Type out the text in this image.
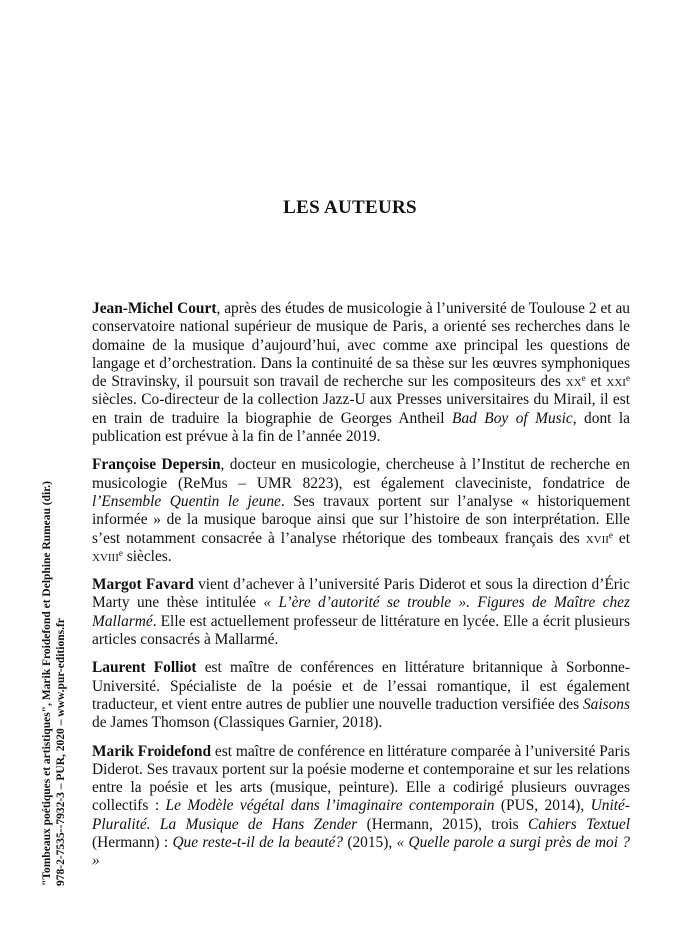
"Tombeaux poétiques et artistiques", Marik Froidefond et Delphine Rumeau (dir.) 978-2-7535--7932-3 – PUR, 2020 – www.pur-editions.fr
LES AUTEURS

Jean-Michel Court, après des études de musicologie à l’université de Toulouse 2 et au conservatoire national supérieur de musique de Paris, a orienté ses recherches dans le domaine de la musique d’aujourd’hui, avec comme axe principal les questions de langage et d’orchestration. Dans la continuité de sa thèse sur les œuvres symphoniques de Stravinsky, il poursuit son travail de recherche sur les compositeurs des $xx^e$ et xxi$^e$ siècles. Co-directeur de la collection Jazz-U aux Presses universitaires du Mirail, il est en train de traduire la biographie de Georges Antheil Bad Boy of Music, dont la publication est prévue à la fin de l’année 2019.

Françoise Depersin, docteur en musicologie, chercheuse à l’Institut de recherche en musicologie (ReMus – UMR 8223), est également claveciniste, fondatrice de l’Ensemble Quentin le jeune. Ses travaux portent sur l’analyse « historiquement informée » de la musique baroque ainsi que sur l’histoire de son interprétation. Elle s’est notamment consacrée à l’analyse rhétorique des tombeaux français des xvii$^e$ et xviii$^e$ siècles.

Margot Favard vient d’achever à l’université Paris Diderot et sous la direction d’Éric Marty une thèse intitulée « L’ère d’autorité se trouble ». Figures de Maître chez Mallarmé. Elle est actuellement professeur de littérature en lycée. Elle a écrit plusieurs articles consacrés à Mallarmé.

Laurent Folliot est maître de conférences en littérature britannique à Sorbonne-Université. Spécialiste de la poésie et de l’essai romantique, il est également traducteur, et vient entre autres de publier une nouvelle traduction versifiée des Saisons de James Thomson (Classiques Garnier, 2018).

Marik Froidefond est maître de conférence en littérature comparée à l’université Paris Diderot. Ses travaux portent sur la poésie moderne et contemporaine et sur les relations entre la poésie et les arts (musique, peinture). Elle a codirigé plusieurs ouvrages collectifs : Le Modèle végétal dans l’imaginaire contemporain (PUS, 2014), Unité-Pluralité. La Musique de Hans Zender (Hermann, 2015), trois Cahiers Textuel (Hermann) : Que reste-t-il de la beauté? (2015), « Quelle parole a surgi près de moi ? »
